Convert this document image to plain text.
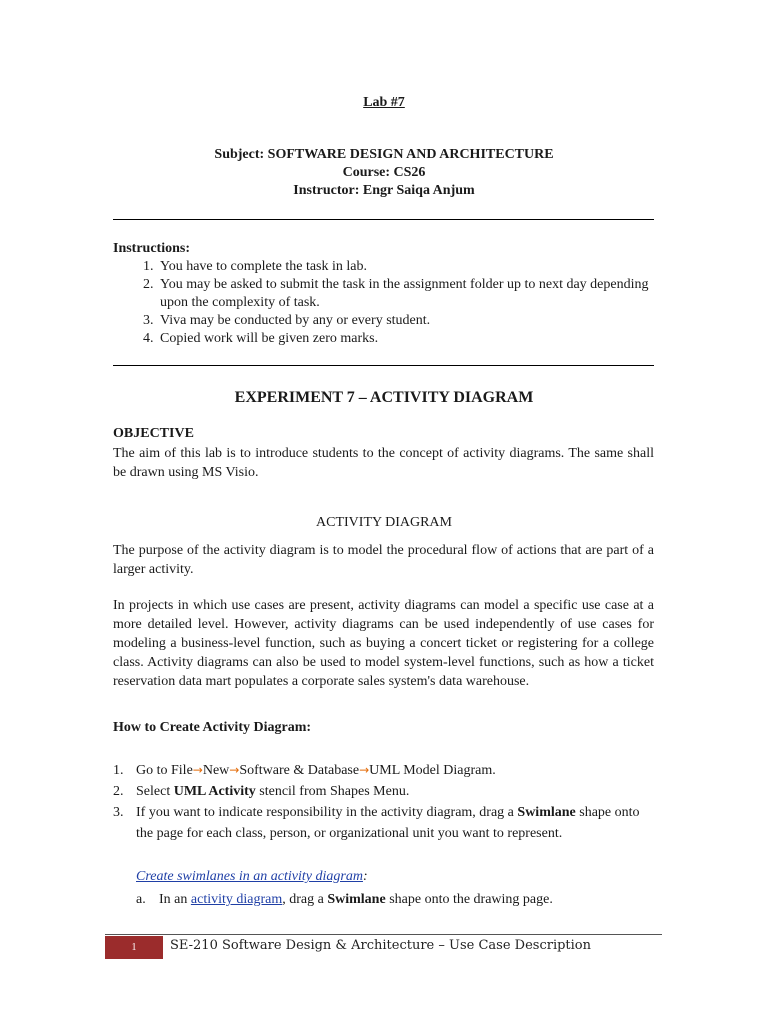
Lab #7
Subject: SOFTWARE DESIGN AND ARCHITECTURE
Course: CS26
Instructor: Engr Saiqa Anjum
Instructions:
1. You have to complete the task in lab.
2. You may be asked to submit the task in the assignment folder up to next day depending upon the complexity of task.
3. Viva may be conducted by any or every student.
4. Copied work will be given zero marks.
EXPERIMENT 7 – ACTIVITY DIAGRAM
OBJECTIVE
The aim of this lab is to introduce students to the concept of activity diagrams. The same shall be drawn using MS Visio.
ACTIVITY DIAGRAM
The purpose of the activity diagram is to model the procedural flow of actions that are part of a larger activity.
In projects in which use cases are present, activity diagrams can model a specific use case at a more detailed level. However, activity diagrams can be used independently of use cases for modeling a business-level function, such as buying a concert ticket or registering for a college class. Activity diagrams can also be used to model system-level functions, such as how a ticket reservation data mart populates a corporate sales system's data warehouse.
How to Create Activity Diagram:
1. Go to File→New→Software & Database→UML Model Diagram.
2. Select UML Activity stencil from Shapes Menu.
3. If you want to indicate responsibility in the activity diagram, drag a Swimlane shape onto the page for each class, person, or organizational unit you want to represent.
Create swimlanes in an activity diagram:
a. In an activity diagram, drag a Swimlane shape onto the drawing page.
1	SE-210 Software Design & Architecture – Use Case Description
